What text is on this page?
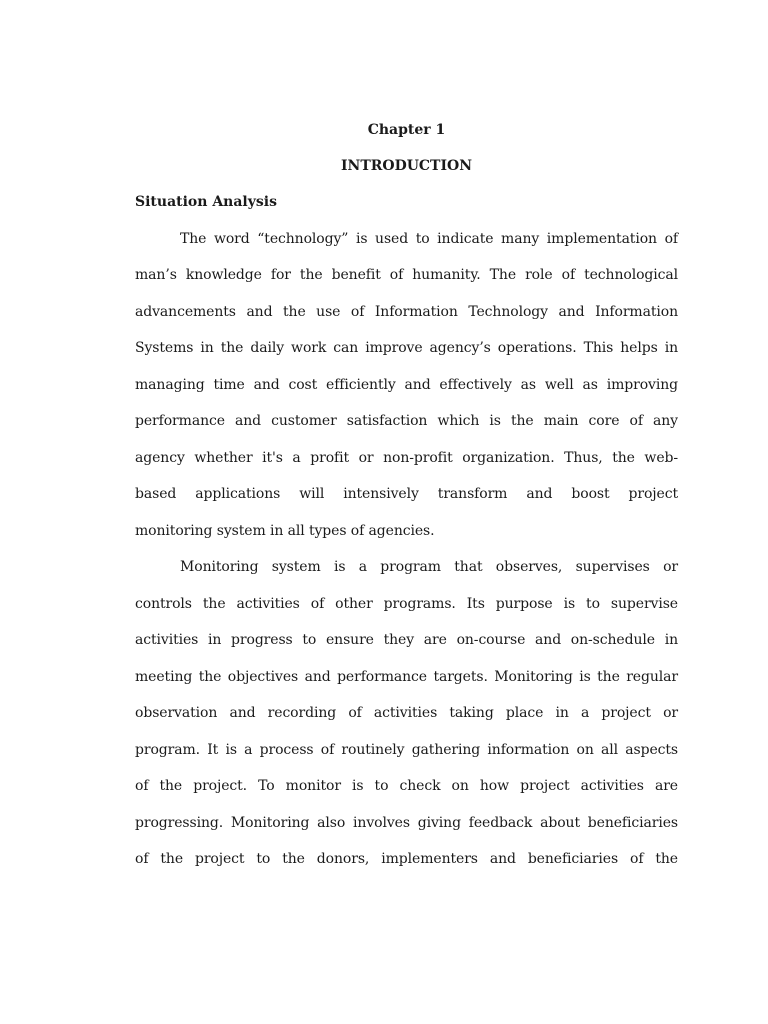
Chapter 1
INTRODUCTION
Situation Analysis
The word “technology” is used to indicate many implementation of
man’s knowledge for the benefit of humanity. The role of technological
advancements and the use of Information Technology and Information
Systems in the daily work can improve agency’s operations. This helps in
managing time and cost efficiently and effectively as well as improving
performance and customer satisfaction which is the main core of any
agency whether it's a profit or non-profit organization. Thus, the web-
based applications will intensively transform and boost project
monitoring system in all types of agencies.
Monitoring system is a program that observes, supervises or
controls the activities of other programs. Its purpose is to supervise
activities in progress to ensure they are on-course and on-schedule in
meeting the objectives and performance targets. Monitoring is the regular
observation and recording of activities taking place in a project or
program. It is a process of routinely gathering information on all aspects
of the project. To monitor is to check on how project activities are
progressing. Monitoring also involves giving feedback about beneficiaries
of the project to the donors, implementers and beneficiaries of the
